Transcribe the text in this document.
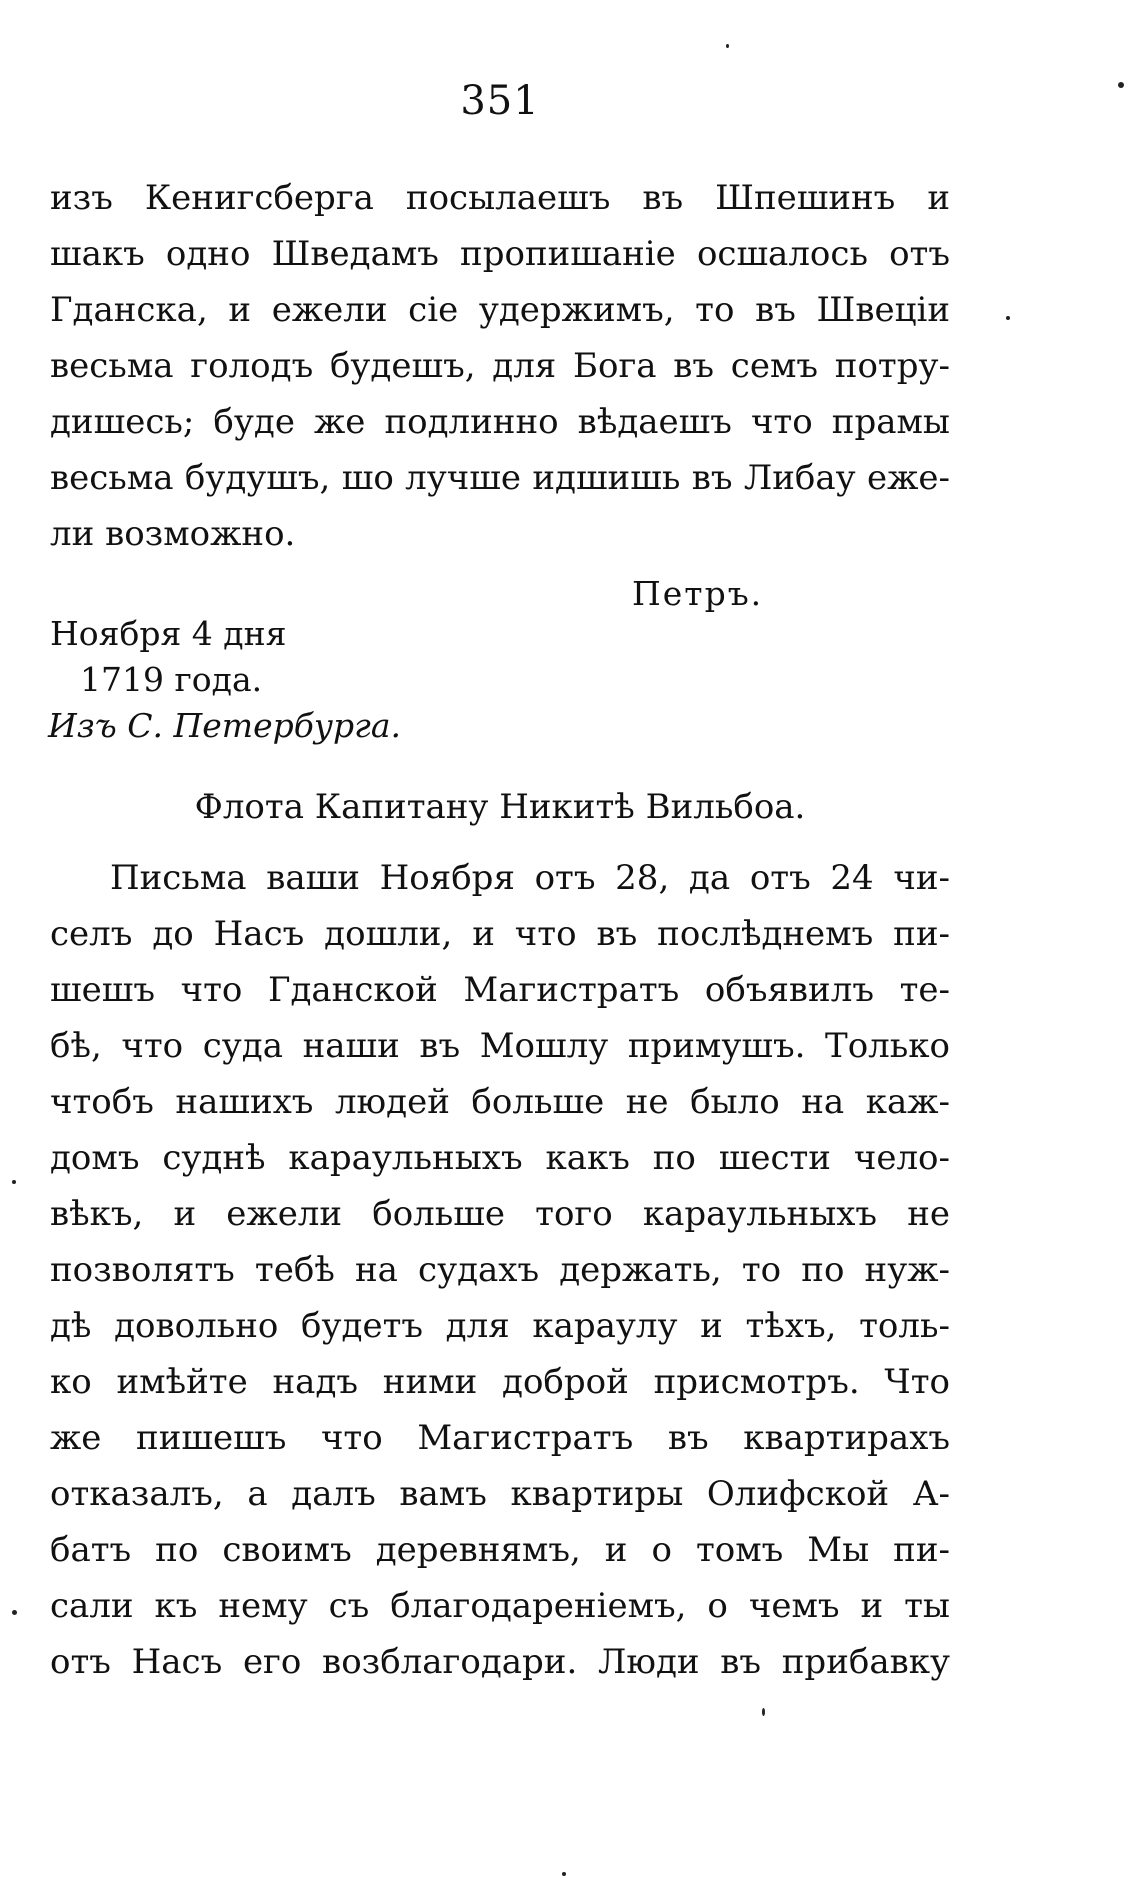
351
изъ Кенигсберга посылаешъ въ Шпешинъ и
шакъ одно Шведамъ пропишаніе осшалось отъ
Гданска, и ежели сіе удержимъ, то въ Швеціи
весьма голодъ будешъ, для Бога въ семъ потру-
дишесь; буде же подлинно вѣдаешъ что прамы
весьма будушъ, шо лучше идшишь въ Либау еже-
ли возможно.
Петръ.
Ноября 4 дня
1719 года.
Изъ С. Петербурга.
Флота Капитану Никитѣ Вильбоа.
Письма ваши Ноября отъ 28, да отъ 24 чи-
селъ до Насъ дошли, и что въ послѣднемъ пи-
шешъ что Гданской Магистратъ объявилъ те-
бѣ, что суда наши въ Мошлу примушъ. Только
чтобъ нашихъ людей больше не было на каж-
домъ суднѣ караульныхъ какъ по шести чело-
вѣкъ, и ежели больше того караульныхъ не
позволятъ тебѣ на судахъ держать, то по нуж-
дѣ довольно будетъ для караулу и тѣхъ, толь-
ко имѣйте надъ ними доброй присмотръ. Что
же пишешъ что Магистратъ въ квартирахъ
отказалъ, а далъ вамъ квартиры Олифской А-
батъ по своимъ деревнямъ, и о томъ Мы пи-
сали къ нему съ благодареніемъ, о чемъ и ты
отъ Насъ его возблагодари. Люди въ прибавку
